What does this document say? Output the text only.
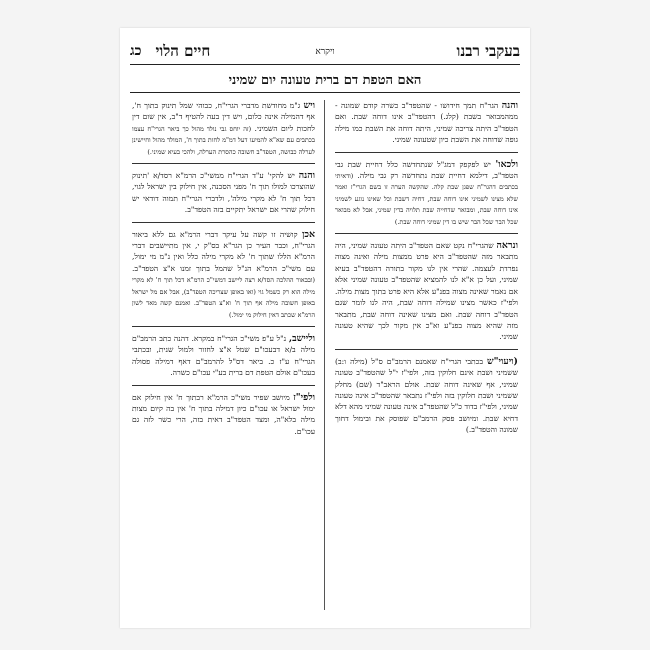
בעקבי רבנו
ויקרא
חיים הלוי
כג
האם הטפת דם ברית טעונה יום שמיני

והנה הגר"ח תמך חידושו - שהטפד"ב כשרה קודם שמונה - ממהמבואר בשבת (קלג.) דהטפד"ב אינו דוחה שבת. ואם הטפד"ב היתה צריכה שמיני, היתה דוחה את השבת כמו מילה גופה שדוחה את השבת כיון שטעונה שמיני.

ולכאו' יש לפקפק דמג"ל שנתחדשה כלל דחיית שבת גבי הטפד"ב, דילמא דחיית שבת נתחדשה רק גבי מילה. (ודאיתי בכתבים דהגר"ח שפגן שבת קלה. שהקשה הערה זו בשם הגרי"ז ואמר שלא מצינו לשמיני אינו דוחה שבת, דחיה דשבת וכל שאינו נוגע לשמיני אינו דוחה שבת, ומבואר שדחייה שבת תלויה בדין שמיני, אבל לא מבואר שכל הבר שכל הבר שיש בו דין שמיני דוחה שבת.)

ונראה שהגרי"ח נקט שאם הטפד"ב היתה טעונה שמיני, היה מתבאר מזה שהטפד"ב היא פרט ממצות מילה ואינה מצוה נפרדת לעצמה. שהרי אין לנו מקור בתורה דהטפד"ב בעיא שמיני, ועל כן א"א לנו להמציא שהטפד"ב טעונה שמיני אלא אם נאמר שאינה מצוה בפנ"ע אלא היא פרט בתוך מצות מילה. ולפי"ז כאשר מצינו שמילה דוחה שבת, היה לנו לומר שגם הטפד"ב דוחה שבת. ואם מצינו שאינה דוחה שבת, מתבאר מזה שהיא מצוה בפנ"ע וא"כ אין מקור לכך שהיא טעונה שמיני.

(ויעוי"ש בכתבי הגרי"ח שאמנם הרמב"ם ס"ל (מילה ו:ב) ששמיני ושבת אינם חלוקין בזה, ולפי"ז י"ל שהטפד"ב טעונה שמיני, אף שאינה דוחה שבת. אולם הראב"ד (שם) מחלק ששמיני ושבת חלוקין בזה ולפי"ז נתבאר שהטפד"ב אינה טעונה שמיני, ולפי"ז בדוד כ"ל שהטפד"ב אינה טעונה שמיני מהא דלא דחיא שבת. ומיושב פסק הרמב"ם שפוסק את ובימול דחוך שמונה והטפד"ב.)

ויש ג"מ מחודשת מדברי הגרי"ח, כבוהי שמל תינוק בתוך ח', אף דהמילה אינה כלום, ויש דין בעה להטיף ד"ב, אין שום דין לחכות ליום השמיני. (זה יוחס גבי נולד מהול כך ביאר הגרי"ח עצמו בכתבים עם שא"א להמיעו דעל דמ"מ לחות בתוך ח', המולד מהול וחיישינן לערלה כבושה, הטפד"ב חשובה כהסרת הערלה, ולהכי בעיא שמיני.)

והנה יש להקי' ע"ד הגרי"ח ממשי"כ הרמ"א רסד/א 'תינוק שהוצרכו למולו תוך ח' מפני הסכנה, אין חילוק בין ישראל לגוי, דכל תוך ח' לא מקרי מילה', ולדברי הגרי"ח תמוה דודאי יש חילוק שהרי אם ישראל יתקיים בזה הטפד"ב.

אכן קושיה זו קשה על עיקר דברי הרמ"א גם ללא ביאור הגרי"ח, וכבר העיר כן הגר"א בס"ק י, אין מתיישבים דברי הרמ"א הללו שתוך ח' לא מקרי מילה כלל ואין נ"מ מי ימול, עם משי"כ הרמ"א הנ"ל שהמל בתוך זמנו א"צ הטפד"ב. (ובבאור ההלכה הסד/א רצה ליישב דמשי"כ הרמ"א דכל תוך ח' לא מקרי מילה הוא רק כשמל גוי (ואו באופן שצריכה הטפד"ב), אבל אם מל ישראל באופן חשובה מילה אף תוך ח' וא"צ הטפד"ב. ואמנם קשה מאד לשון הרמ"א שכתב דאין חילוק מי ימול.)

וליישב, נ"ל ע"פ משי"כ הגרי"ח במקרא. דהנה כתב הרמב"ם מילה ב/א דבעכו"ם שמל א"צ לחזור ולמול שנית, ובכתבי הגרי"ח ע"ז כ. ביאר דס"ל להרמב"ם דאף דמילה פסולה בעכו"ם אולם הטפת דם ברית בע"י עכו"ם כשרה.

ולפי"ז מיושב שפיר משי"כ הרמ"א רבתוך ח' אין חילוק אם ימול ישראל או עכו"ם כיון דמילה בתוך ח' אין בה קיום מצות מילה בלא"ה, ומצד הטפד"ב דאית בזה, הרי כשר לזה גם עכו"ם.
